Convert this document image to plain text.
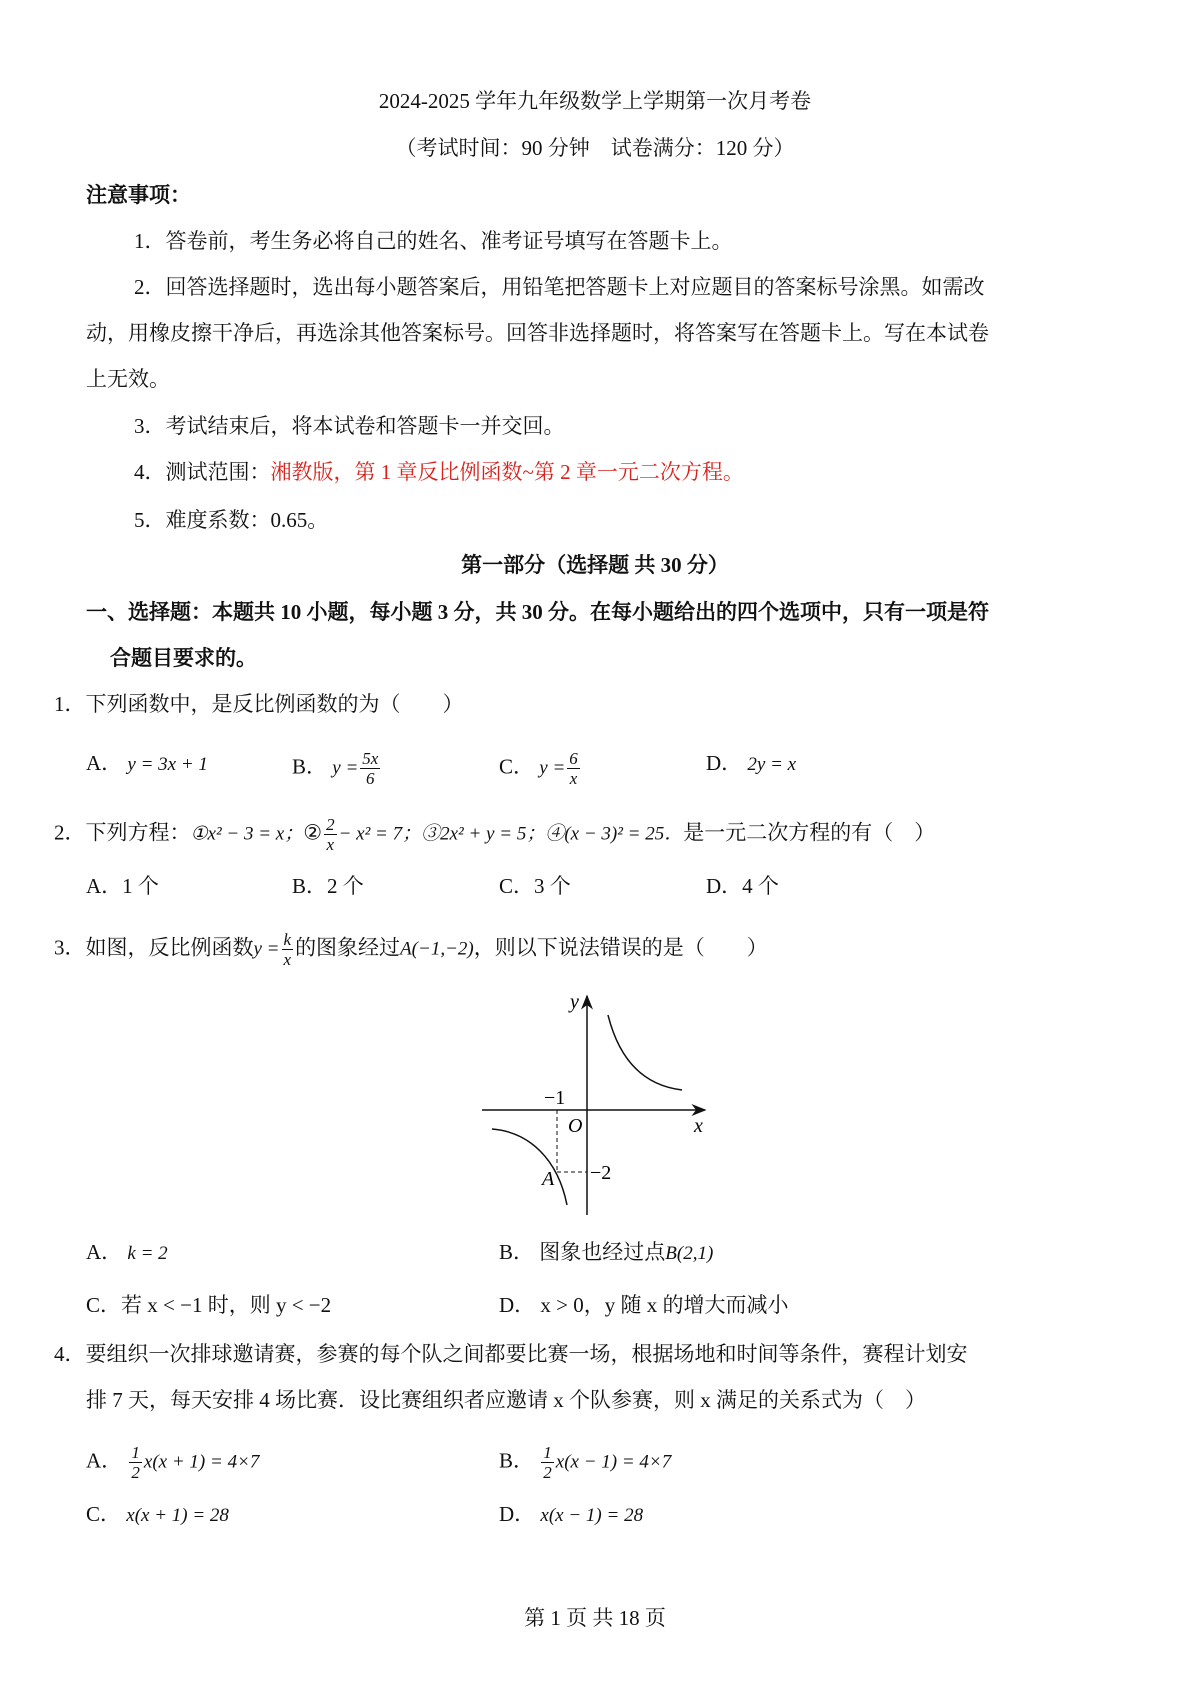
2024-2025 学年九年级数学上学期第一次月考卷
（考试时间：90 分钟　试卷满分：120 分）
注意事项：
1．答卷前，考生务必将自己的姓名、准考证号填写在答题卡上。
2．回答选择题时，选出每小题答案后，用铅笔把答题卡上对应题目的答案标号涂黑。如需改
动，用橡皮擦干净后，再选涂其他答案标号。回答非选择题时，将答案写在答题卡上。写在本试卷
上无效。
3．考试结束后，将本试卷和答题卡一并交回。
4．测试范围：湘教版，第 1 章反比例函数~第 2 章一元二次方程。
5．难度系数：0.65。
第一部分（选择题 共 30 分）
一、选择题：本题共 10 小题，每小题 3 分，共 30 分。在每小题给出的四个选项中，只有一项是符
合题目要求的。
1．下列函数中，是反比例函数的为（　　）
A． y = 3x + 1	B． $y = \frac{5x}{6}$	C． $y = \frac{6}{x}$	D． 2y = x
2．下列方程：①x² − 3 = x；② $\frac{2}{x} - x^2 = 7$；③2x² + y = 5；④(x − 3)² = 25．是一元二次方程的有（　）
A．1 个	B．2 个	C．3 个	D．4 个
3．如图，反比例函数$y = \frac{k}{x}$ 的图象经过A(−1,−2)，则以下说法错误的是（　　）
y
x
O
A
−1
−2
A． k = 2	B． 图象也经过点B(2,1)
C．若 x < −1 时，则 y < −2	D． x > 0，y 随 x 的增大而减小
4．要组织一次排球邀请赛，参赛的每个队之间都要比赛一场，根据场地和时间等条件，赛程计划安
排 7 天，每天安排 4 场比赛．设比赛组织者应邀请 x 个队参赛，则 x 满足的关系式为（　）
A． $\frac{1}{2} x(x + 1) = 4\times 7$	B． $\frac{1}{2} x(x - 1) = 4\times 7$
C． x(x + 1) = 28	D． x(x − 1) = 28
第 1 页 共 18 页
